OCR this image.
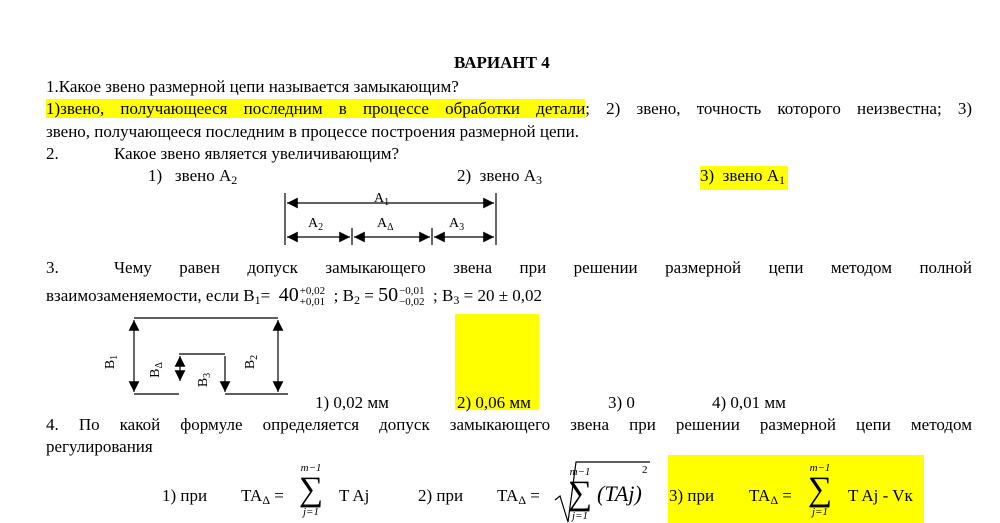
ВАРИАНТ 4
1.Какое звено размерной цепи называется замыкающим?
1)звено, получающееся последним в процессе обработки детали; 2) звено, точность которого неизвестна; 3)
звено, получающееся последним в процессе построения размерной цепи.
2.	Какое звено является увеличивающим?
1) звено $А_2$	2) звено $А_3$	3) звено $А_1$
$A_1$
$A_2$	$A_\Delta$	$A_3$
3.	Чему равен допуск замыкающего звена при решении размерной цепи методом полной
взаимозаменяемости, если $B_1= 40+0,02$
+0,01 ; $B_2 = 50-0,01$
−0,02 ; $B_3 = 20 \pm 0,02$
$B_1$
$B_\Delta$
$B_3$
$B_2$
1) 0,02 мм	2) 0,06 мм	3) 0	4) 0,01 мм
4. По какой формуле определяется допуск замыкающего звена при решении размерной цепи методом
регулирования
1) при $TA_\Delta$ =
m−1
∑
j=1
T Aj	2) при $TA_\Delta$ =
m−1
∑
j=1
(TAj)
2
3) при $TA_\Delta$ =
m−1
∑
j=1
T Aj - Vк
